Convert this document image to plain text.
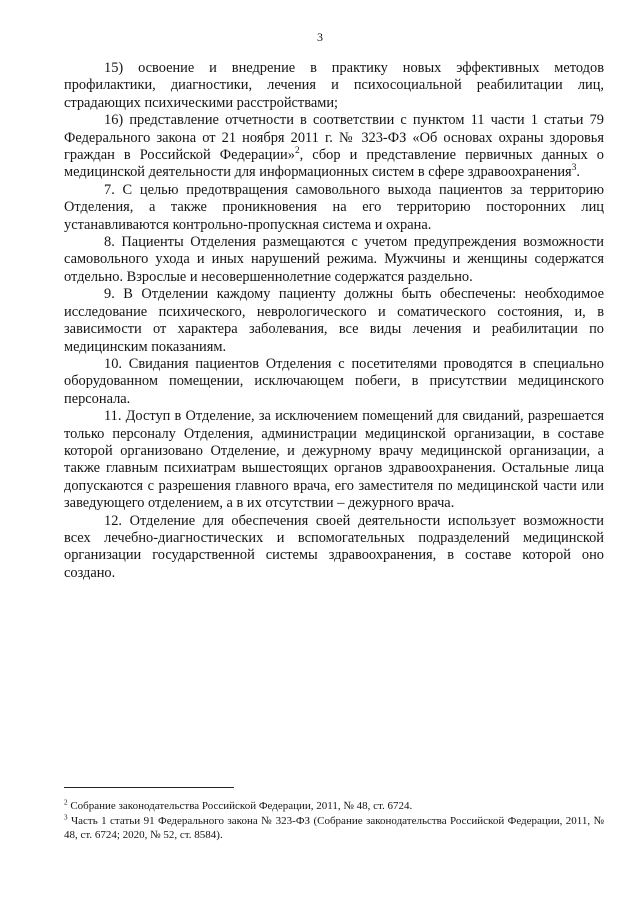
3

15) освоение и внедрение в практику новых эффективных методов профилактики, диагностики, лечения и психосоциальной реабилитации лиц, страдающих психическими расстройствами;

16) представление отчетности в соответствии с пунктом 11 части 1 статьи 79 Федерального закона от 21 ноября 2011 г. № 323-ФЗ «Об основах охраны здоровья граждан в Российской Федерации»$^2$, сбор и представление первичных данных о медицинской деятельности для информационных систем в сфере здравоохранения$^3$.

7. С целью предотвращения самовольного выхода пациентов за территорию Отделения, а также проникновения на его территорию посторонних лиц устанавливаются контрольно-пропускная система и охрана.

8. Пациенты Отделения размещаются с учетом предупреждения возможности самовольного ухода и иных нарушений режима. Мужчины и женщины содержатся отдельно. Взрослые и несовершеннолетние содержатся раздельно.

9. В Отделении каждому пациенту должны быть обеспечены: необходимое исследование психического, неврологического и соматического состояния, и, в зависимости от характера заболевания, все виды лечения и реабилитации по медицинским показаниям.

10. Свидания пациентов Отделения с посетителями проводятся в специально оборудованном помещении, исключающем побеги, в присутствии медицинского персонала.

11. Доступ в Отделение, за исключением помещений для свиданий, разрешается только персоналу Отделения, администрации медицинской организации, в составе которой организовано Отделение, и дежурному врачу медицинской организации, а также главным психиатрам вышестоящих органов здравоохранения. Остальные лица допускаются с разрешения главного врача, его заместителя по медицинской части или заведующего отделением, а в их отсутствии – дежурного врача.

12. Отделение для обеспечения своей деятельности использует возможности всех лечебно-диагностических и вспомогательных подразделений медицинской организации государственной системы здравоохранения, в составе которой оно создано.

$^2$ Собрание законодательства Российской Федерации, 2011, № 48, ст. 6724.

$^3$ Часть 1 статьи 91 Федерального закона № 323-ФЗ (Собрание законодательства Российской Федерации, 2011, № 48, ст. 6724; 2020, № 52, ст. 8584).
